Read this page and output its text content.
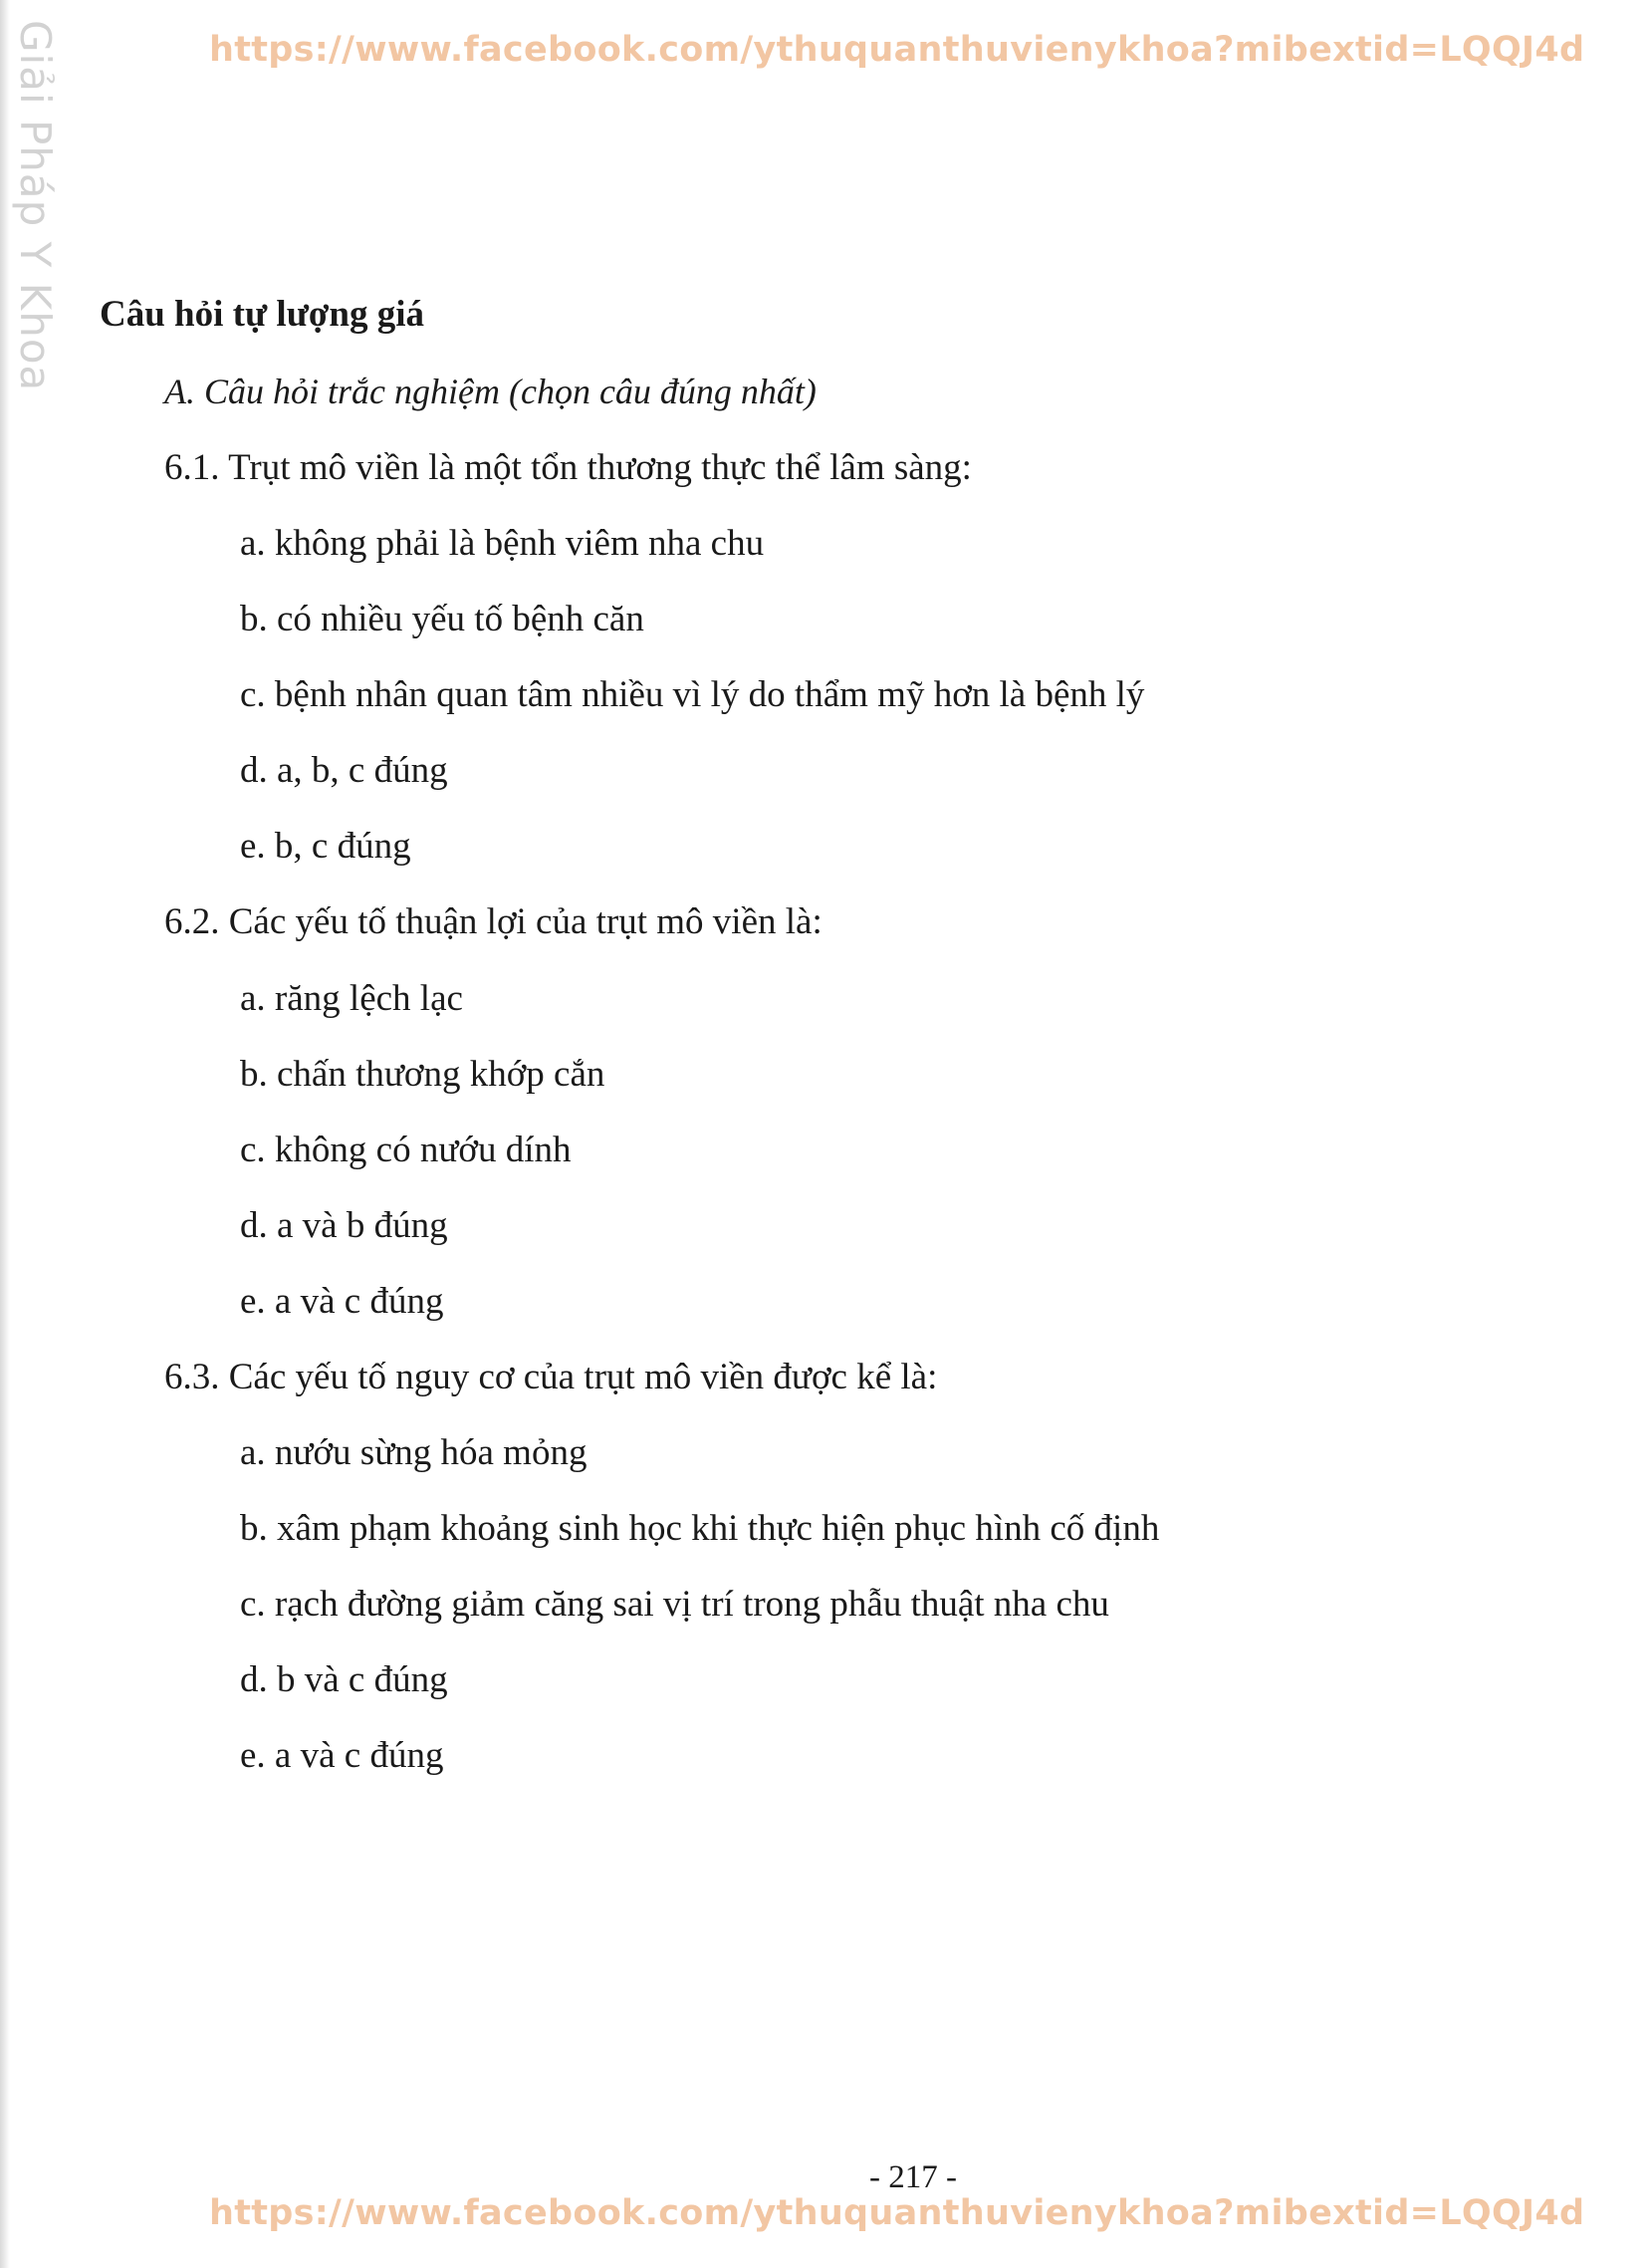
https://www.facebook.com/ythuquanthuvienykhoa?mibextid=LQQJ4d
Giải Pháp Y Khoa Câu hỏi tự lượng giá
A. Câu hỏi trắc nghiệm (chọn câu đúng nhất)
6.1. Trụt mô viền là một tổn thương thực thể lâm sàng:
a. không phải là bệnh viêm nha chu
b. có nhiều yếu tố bệnh căn
c. bệnh nhân quan tâm nhiều vì lý do thẩm mỹ hơn là bệnh lý
d. a, b, c đúng
e. b, c đúng
6.2. Các yếu tố thuận lợi của trụt mô viền là:
a. răng lệch lạc
b. chấn thương khớp cắn
c. không có nướu dính
d. a và b đúng
e. a và c đúng
6.3. Các yếu tố nguy cơ của trụt mô viền được kể là:
a. nướu sừng hóa mỏng
b. xâm phạm khoảng sinh học khi thực hiện phục hình cố định
c. rạch đường giảm căng sai vị trí trong phẫu thuật nha chu
d. b và c đúng
e. a và c đúng
- 217 -
https://www.facebook.com/ythuquanthuvienykhoa?mibextid=LQQJ4d
